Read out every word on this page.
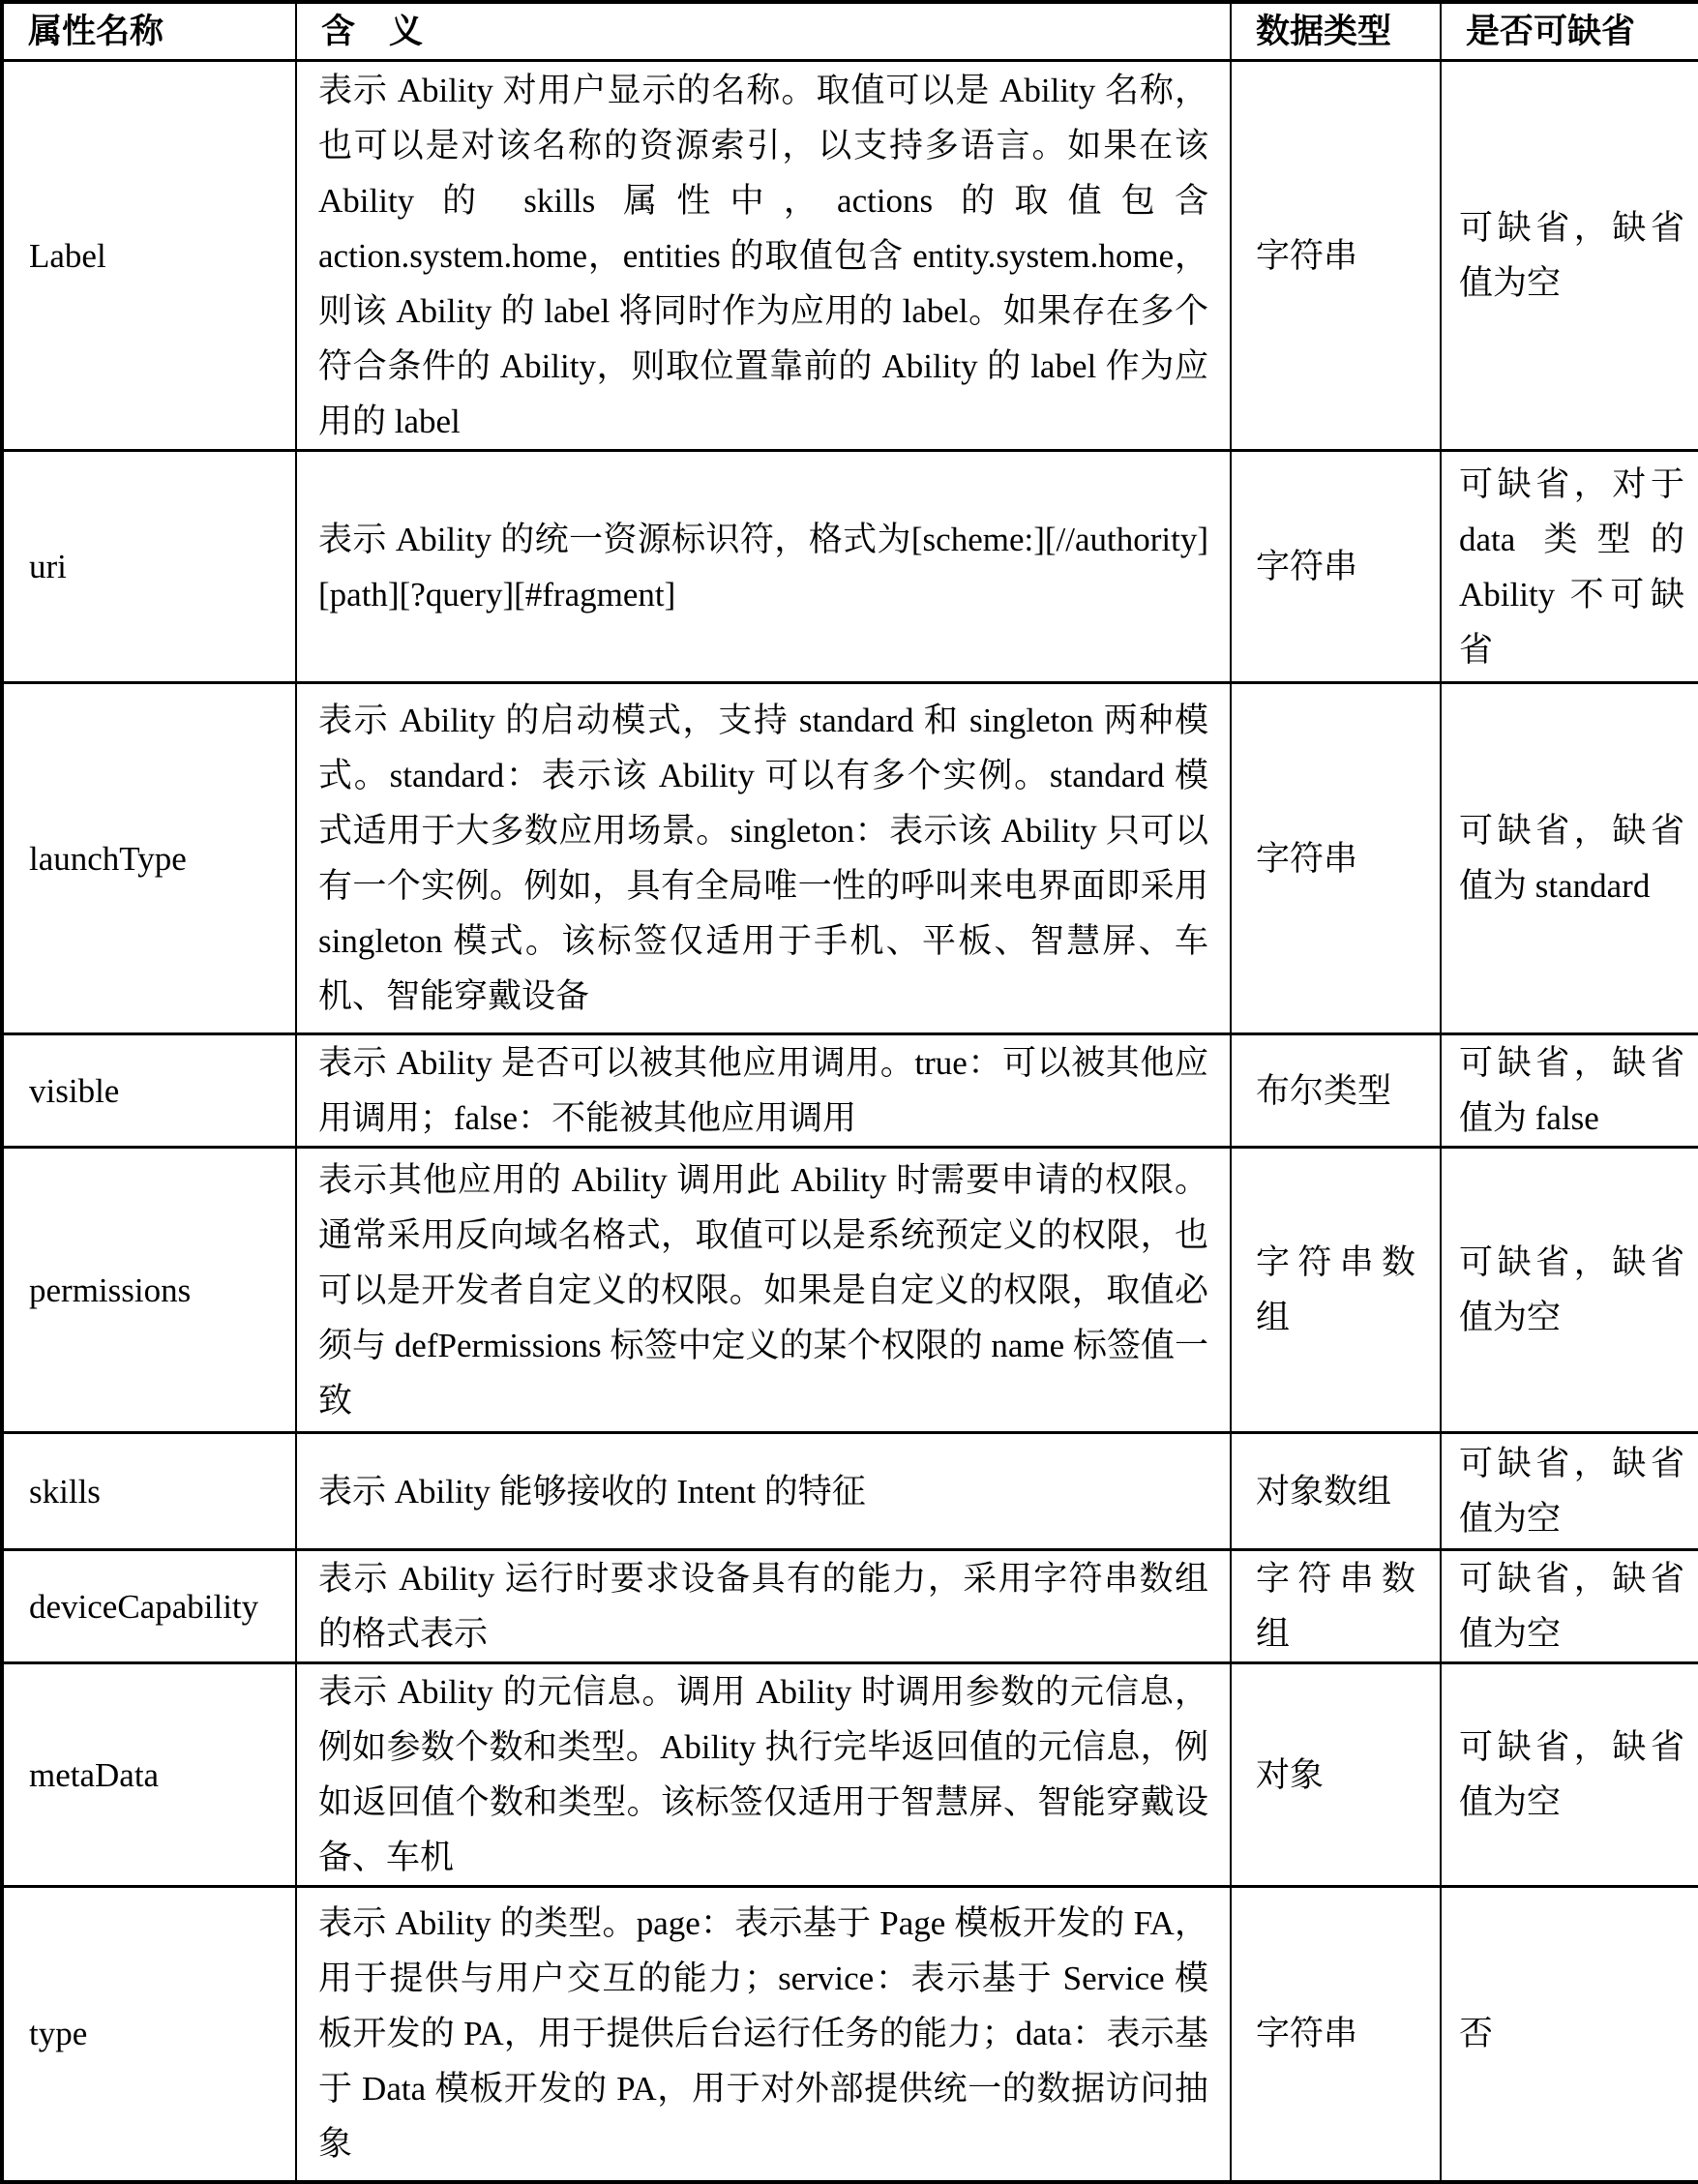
属性名称	含　义	数据类型	是否可缺省
Label	表示 Ability 对用户显示的名称。取值可以是 Ability 名称，也可以是对该名称的资源索引，以支持多语言。如果在该 Ability 的 skills 属性中，actions 的取值包含 action.system.home，entities 的取值包含 entity.system.home，则该 Ability 的 label 将同时作为应用的 label。如果存在多个符合条件的 Ability，则取位置靠前的 Ability 的 label 作为应用的 label	字符串	可缺省，缺省值为空
uri	表示 Ability 的统一资源标识符，格式为[scheme:][//authority][path][?query][#fragment]	字符串	可缺省，对于 data 类型的 Ability 不可缺省
launchType	表示 Ability 的启动模式，支持 standard 和 singleton 两种模式。standard：表示该 Ability 可以有多个实例。standard 模式适用于大多数应用场景。singleton：表示该 Ability 只可以有一个实例。例如，具有全局唯一性的呼叫来电界面即采用 singleton 模式。该标签仅适用于手机、平板、智慧屏、车机、智能穿戴设备	字符串	可缺省，缺省值为 standard
visible	表示 Ability 是否可以被其他应用调用。true：可以被其他应用调用；false：不能被其他应用调用	布尔类型	可缺省，缺省值为 false
permissions	表示其他应用的 Ability 调用此 Ability 时需要申请的权限。通常采用反向域名格式，取值可以是系统预定义的权限，也可以是开发者自定义的权限。如果是自定义的权限，取值必须与 defPermissions 标签中定义的某个权限的 name 标签值一致	字符串数组	可缺省，缺省值为空
skills	表示 Ability 能够接收的 Intent 的特征	对象数组	可缺省，缺省值为空
deviceCapability	表示 Ability 运行时要求设备具有的能力，采用字符串数组的格式表示	字符串数组	可缺省，缺省值为空
metaData	表示 Ability 的元信息。调用 Ability 时调用参数的元信息，例如参数个数和类型。Ability 执行完毕返回值的元信息，例如返回值个数和类型。该标签仅适用于智慧屏、智能穿戴设备、车机	对象	可缺省，缺省值为空
type	表示 Ability 的类型。page：表示基于 Page 模板开发的 FA，用于提供与用户交互的能力；service：表示基于 Service 模板开发的 PA，用于提供后台运行任务的能力；data：表示基于 Data 模板开发的 PA，用于对外部提供统一的数据访问抽象	字符串	否
